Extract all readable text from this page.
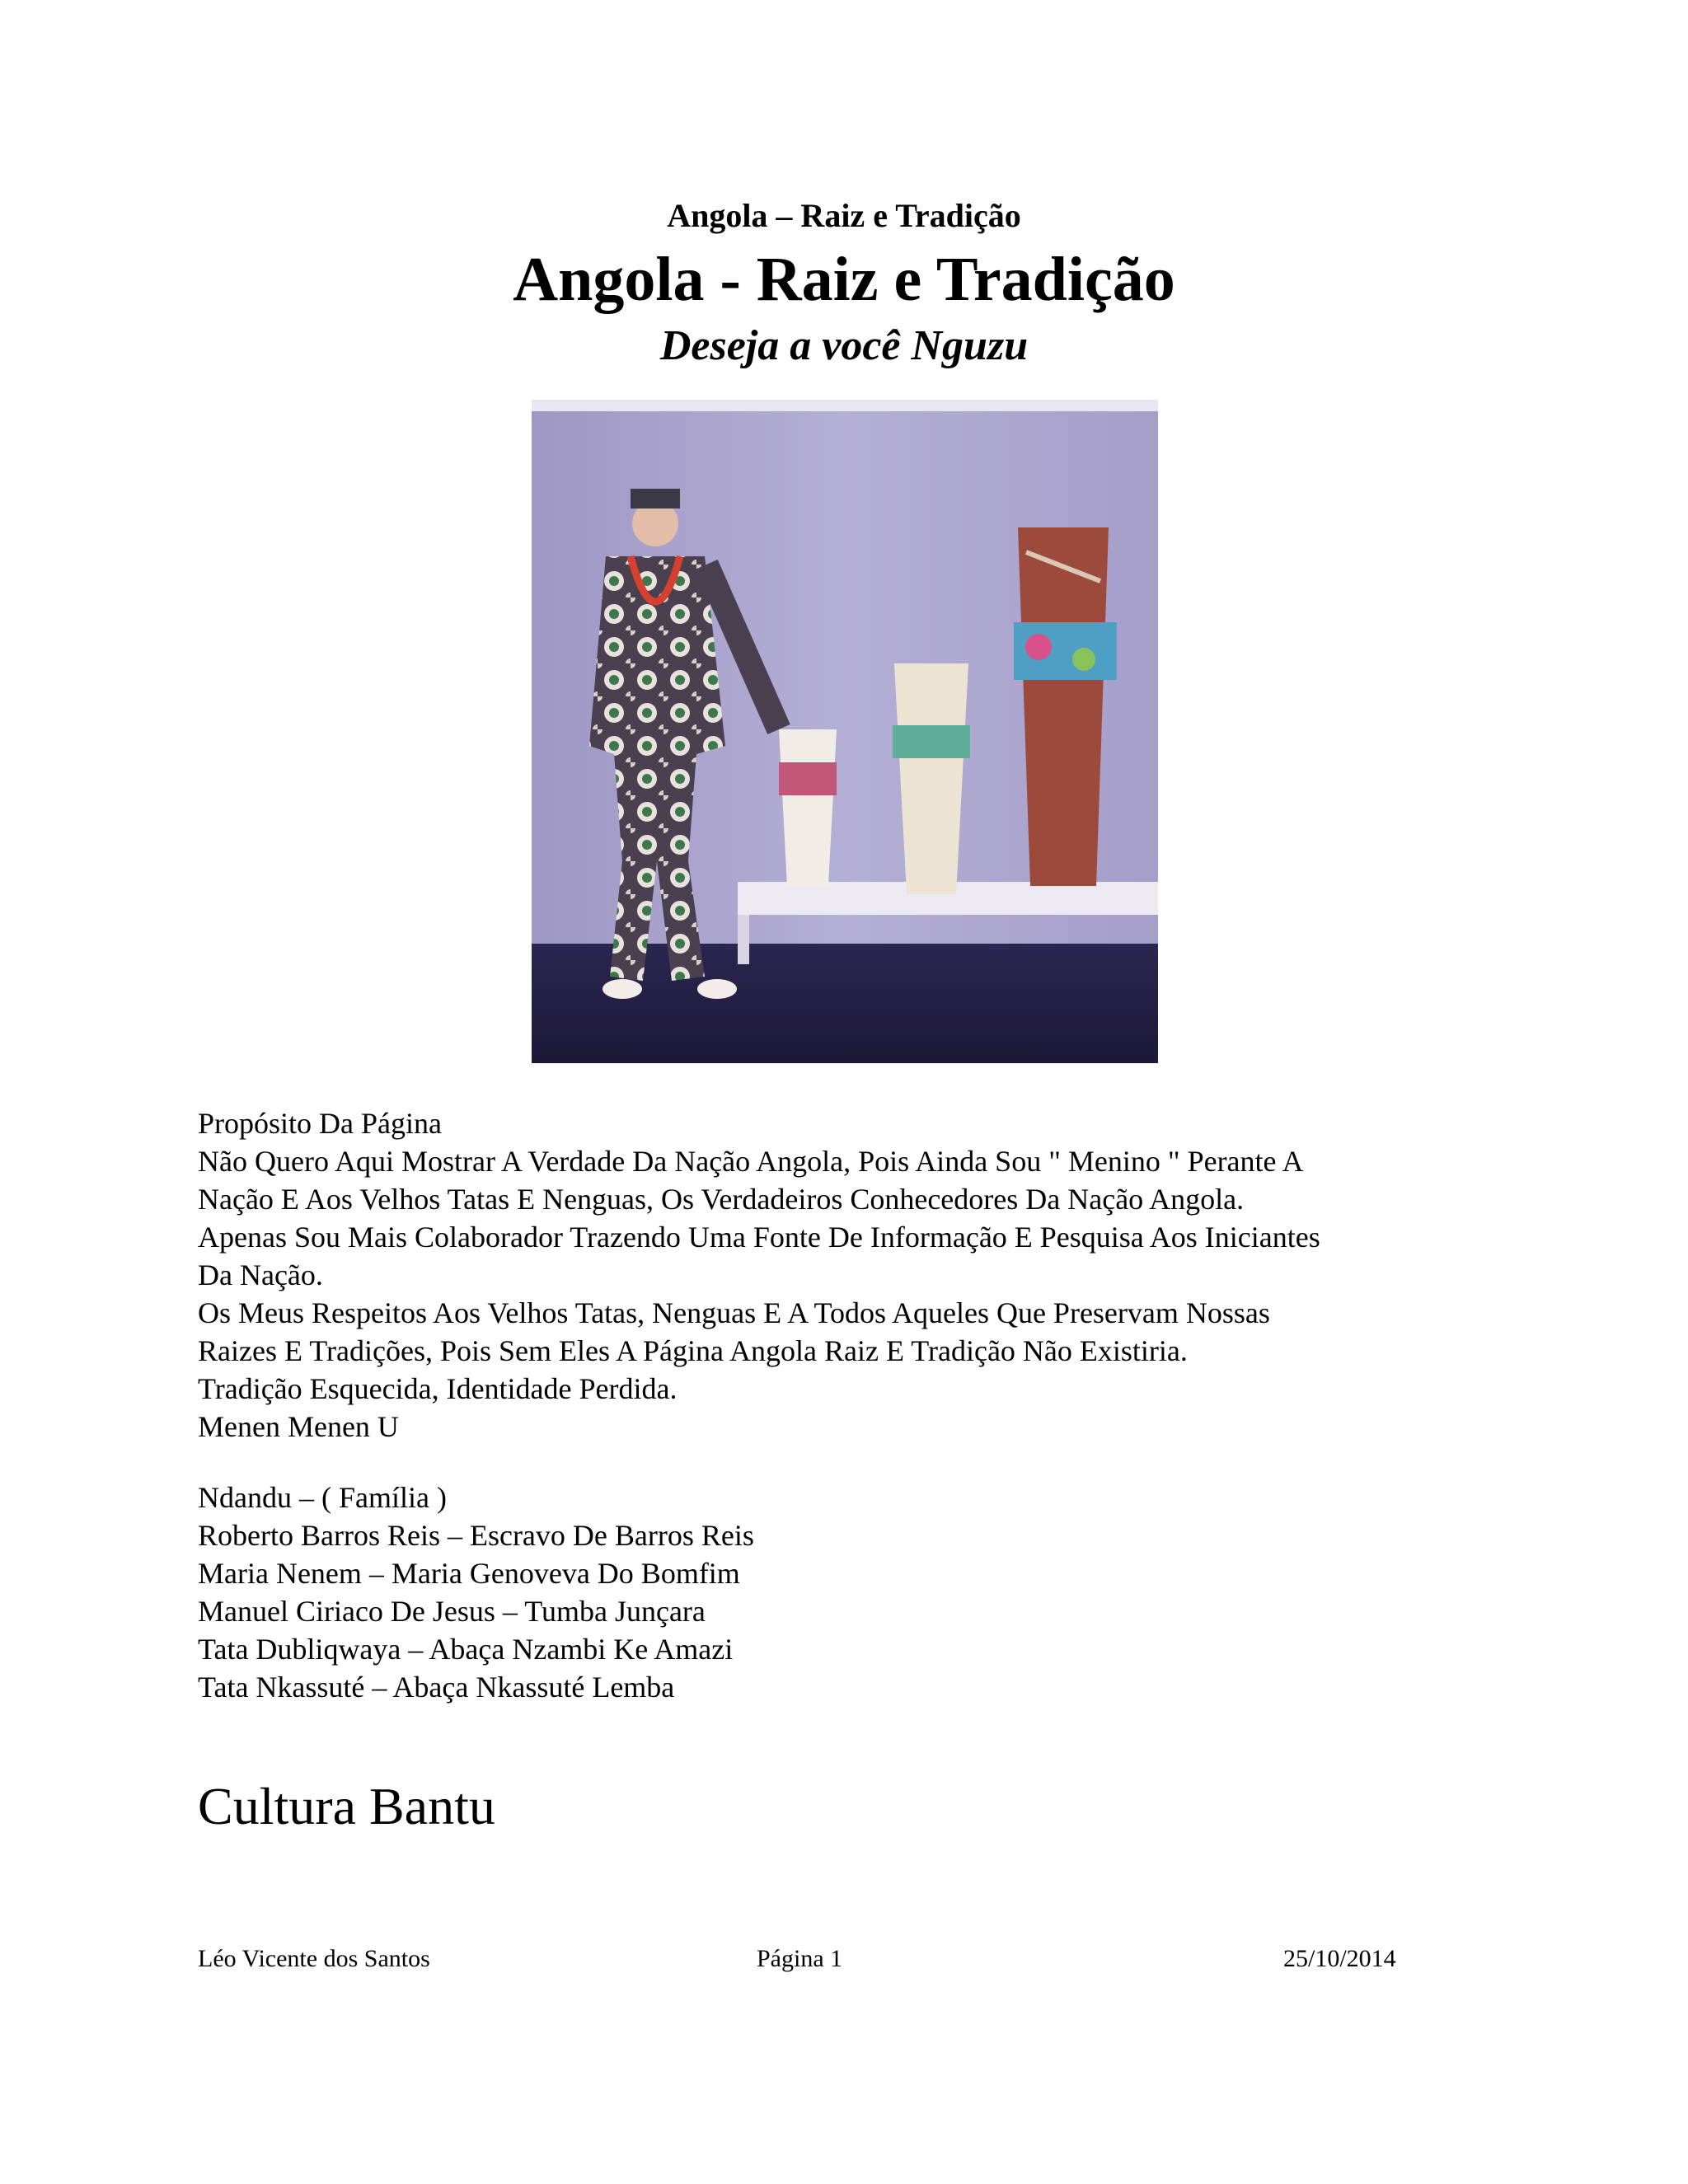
Angola – Raiz e Tradição
Angola - Raiz e Tradição
Deseja a você Nguzu
Propósito Da Página
Não Quero Aqui Mostrar A Verdade Da Nação Angola, Pois Ainda Sou " Menino " Perante A
Nação E Aos Velhos Tatas E Nenguas, Os Verdadeiros Conhecedores Da Nação Angola.
Apenas Sou Mais Colaborador Trazendo Uma Fonte De Informação E Pesquisa Aos Iniciantes
Da Nação.
Os Meus Respeitos Aos Velhos Tatas, Nenguas E A Todos Aqueles Que Preservam Nossas
Raizes E Tradições, Pois Sem Eles A Página Angola Raiz E Tradição Não Existiria.
Tradição Esquecida, Identidade Perdida.
Menen Menen U
Ndandu – ( Família )
Roberto Barros Reis – Escravo De Barros Reis
Maria Nenem – Maria Genoveva Do Bomfim
Manuel Ciriaco De Jesus – Tumba Junçara
Tata Dubliqwaya – Abaça Nzambi Ke Amazi
Tata Nkassuté – Abaça Nkassuté Lemba
Cultura Bantu
Léo Vicente dos Santos	Página 1	25/10/2014
